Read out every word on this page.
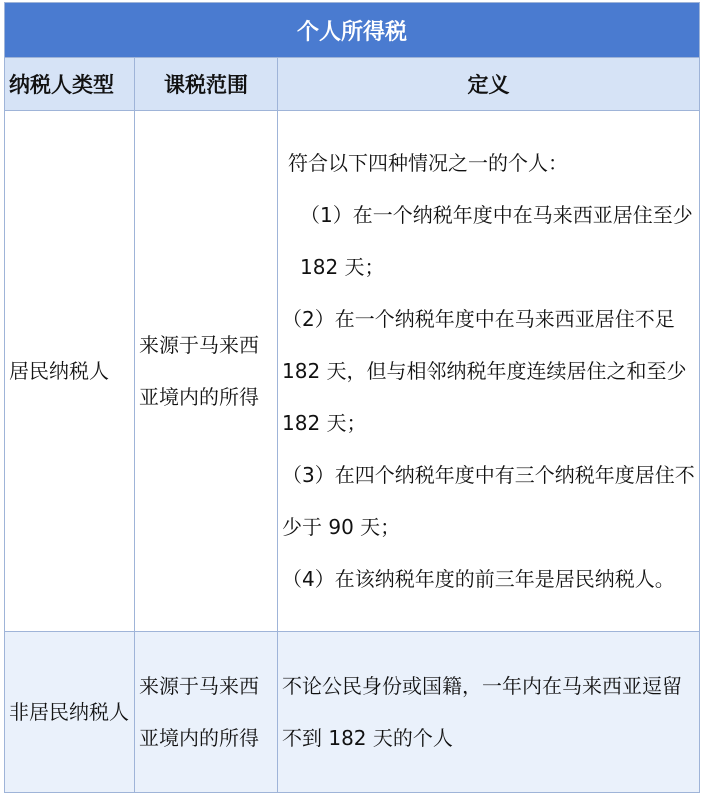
个人所得税		
纳税人类型	课税范围	定义

居民纳税人	来源于马来西亚境内的所得	符合以下四种情况之一的个人：

（1）在一个纳税年度中在马来西亚居住至少 182 天；

（2）在一个纳税年度中在马来西亚居住不足 182 天，但与相邻纳税年度连续居住之和至少 182 天；

（3）在四个纳税年度中有三个纳税年度居住不少于 90 天；

（4）在该纳税年度的前三年是居民纳税人。

非居民纳税人	来源于马来西亚境内的所得	不论公民身份或国籍，一年内在马来西亚逗留不到 182 天的个人
